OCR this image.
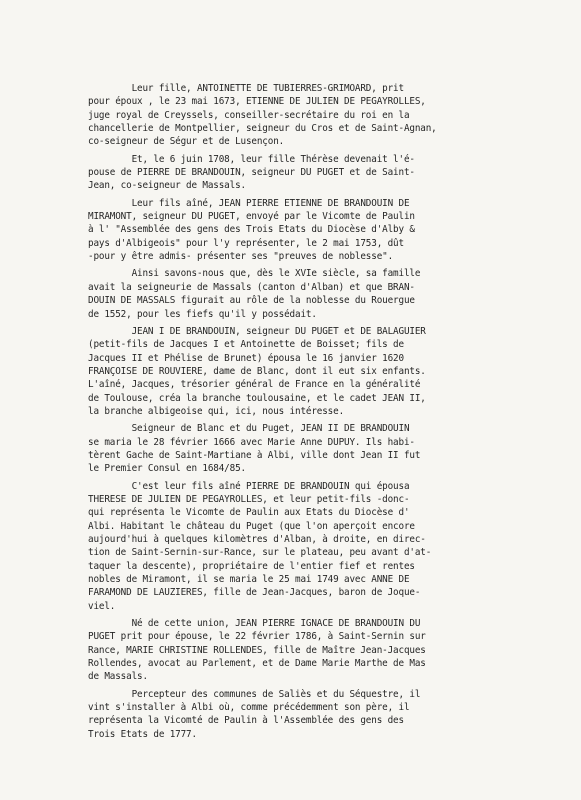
Leur fille, ANTOINETTE DE TUBIERRES-GRIMOARD, prit
pour époux , le 23 mai 1673, ETIENNE DE JULIEN DE PEGAYROLLES,
juge royal de Creyssels, conseiller-secrétaire du roi en la
chancellerie de Montpellier, seigneur du Cros et de Saint-Agnan,
co-seigneur de Ségur et de Lusençon.
Et, le 6 juin 1708, leur fille Thérèse devenait l'é-
pouse de PIERRE DE BRANDOUIN, seigneur DU PUGET et de Saint-
Jean, co-seigneur de Massals.
Leur fils aîné, JEAN PIERRE ETIENNE DE BRANDOUIN DE
MIRAMONT, seigneur DU PUGET, envoyé par le Vicomte de Paulin
à l' "Assemblée des gens des Trois Etats du Diocèse d'Alby &
pays d'Albigeois" pour l'y représenter, le 2 mai 1753, dût
-pour y être admis- présenter ses "preuves de noblesse".
Ainsi savons-nous que, dès le XVIe siècle, sa famille
avait la seigneurie de Massals (canton d'Alban) et que BRAN-
DOUIN DE MASSALS figurait au rôle de la noblesse du Rouergue
de 1552, pour les fiefs qu'il y possédait.
JEAN I DE BRANDOUIN, seigneur DU PUGET et DE BALAGUIER
(petit-fils de Jacques I et Antoinette de Boisset; fils de
Jacques II et Phélise de Brunet) épousa le 16 janvier 1620
FRANÇOISE DE ROUVIERE, dame de Blanc, dont il eut six enfants.
L'aîné, Jacques, trésorier général de France en la généralité
de Toulouse, créa la branche toulousaine, et le cadet JEAN II,
la branche albigeoise qui, ici, nous intéresse.
Seigneur de Blanc et du Puget, JEAN II DE BRANDOUIN
se maria le 28 février 1666 avec Marie Anne DUPUY. Ils habi-
tèrent Gache de Saint-Martiane à Albi, ville dont Jean II fut
le Premier Consul en 1684/85.
C'est leur fils aîné PIERRE DE BRANDOUIN qui épousa
THERESE DE JULIEN DE PEGAYROLLES, et leur petit-fils -donc-
qui représenta le Vicomte de Paulin aux Etats du Diocèse d'
Albi. Habitant le château du Puget (que l'on aperçoit encore
aujourd'hui à quelques kilomètres d'Alban, à droite, en direc-
tion de Saint-Sernin-sur-Rance, sur le plateau, peu avant d'at-
taquer la descente), propriétaire de l'entier fief et rentes
nobles de Miramont, il se maria le 25 mai 1749 avec ANNE DE
FARAMOND DE LAUZIERES, fille de Jean-Jacques, baron de Joque-
viel.
Né de cette union, JEAN PIERRE IGNACE DE BRANDOUIN DU
PUGET prit pour épouse, le 22 février 1786, à Saint-Sernin sur
Rance, MARIE CHRISTINE ROLLENDES, fille de Maître Jean-Jacques
Rollendes, avocat au Parlement, et de Dame Marie Marthe de Mas
de Massals.
Percepteur des communes de Saliès et du Séquestre, il
vint s'installer à Albi où, comme précédemment son père, il
représenta la Vicomté de Paulin à l'Assemblée des gens des
Trois Etats de 1777.
